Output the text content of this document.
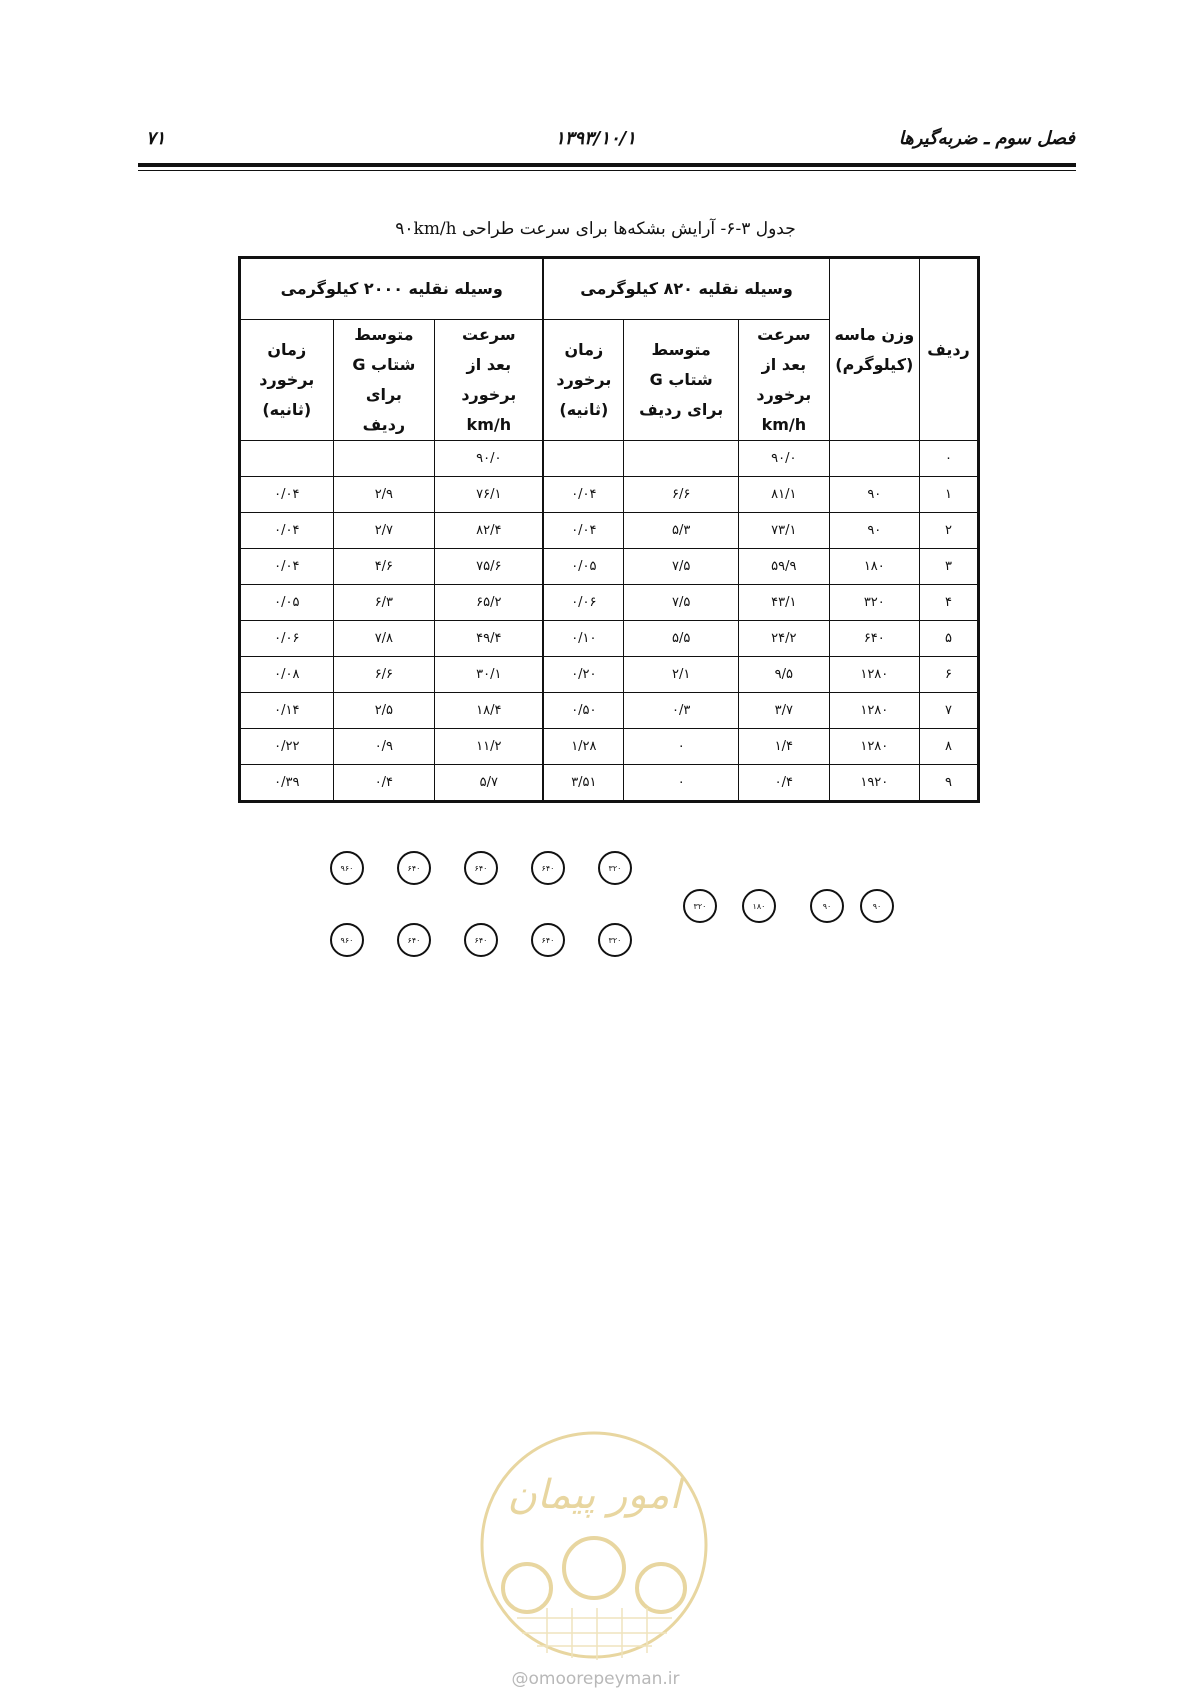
۷۱	۱۳۹۳/۱۰/۱	فصل سوم ـ ضربه‌گیرها
جدول ۳-۶- آرایش بشکه‌ها برای سرعت طراحی ۹۰km/h
ردیف	وزن ماسه (کیلوگرم)	وسیله نقلیه ۸۲۰ کیلوگرمی			وسیله نقلیه ۲۰۰۰ کیلوگرمی		
		سرعت بعد از برخورد km/h	متوسط شتاب G برای ردیف	زمان برخورد (ثانیه)	سرعت بعد از برخورد km/h	متوسط شتاب G برای ردیف	زمان برخورد (ثانیه)
۰		۹۰/۰			۹۰/۰		
۱	۹۰	۸۱/۱	۶/۶	۰/۰۴	۷۶/۱	۲/۹	۰/۰۴
۲	۹۰	۷۳/۱	۵/۳	۰/۰۴	۸۲/۴	۲/۷	۰/۰۴
۳	۱۸۰	۵۹/۹	۷/۵	۰/۰۵	۷۵/۶	۴/۶	۰/۰۴
۴	۳۲۰	۴۳/۱	۷/۵	۰/۰۶	۶۵/۲	۶/۳	۰/۰۵
۵	۶۴۰	۲۴/۲	۵/۵	۰/۱۰	۴۹/۴	۷/۸	۰/۰۶
۶	۱۲۸۰	۹/۵	۲/۱	۰/۲۰	۳۰/۱	۶/۶	۰/۰۸
۷	۱۲۸۰	۳/۷	۰/۳	۰/۵۰	۱۸/۴	۲/۵	۰/۱۴
۸	۱۲۸۰	۱/۴	۰	۱/۲۸	۱۱/۲	۰/۹	۰/۲۲
۹	۱۹۲۰	۰/۴	۰	۳/۵۱	۵/۷	۰/۴	۰/۳۹
۹۰
۹۰
۱۸۰
۳۲۰
۳۲۰
۶۴۰
۶۴۰
۶۴۰
۹۶۰
۳۲۰
۶۴۰
۶۴۰
۶۴۰
۹۶۰
امور پیمان
@omoorepeyman.ir
